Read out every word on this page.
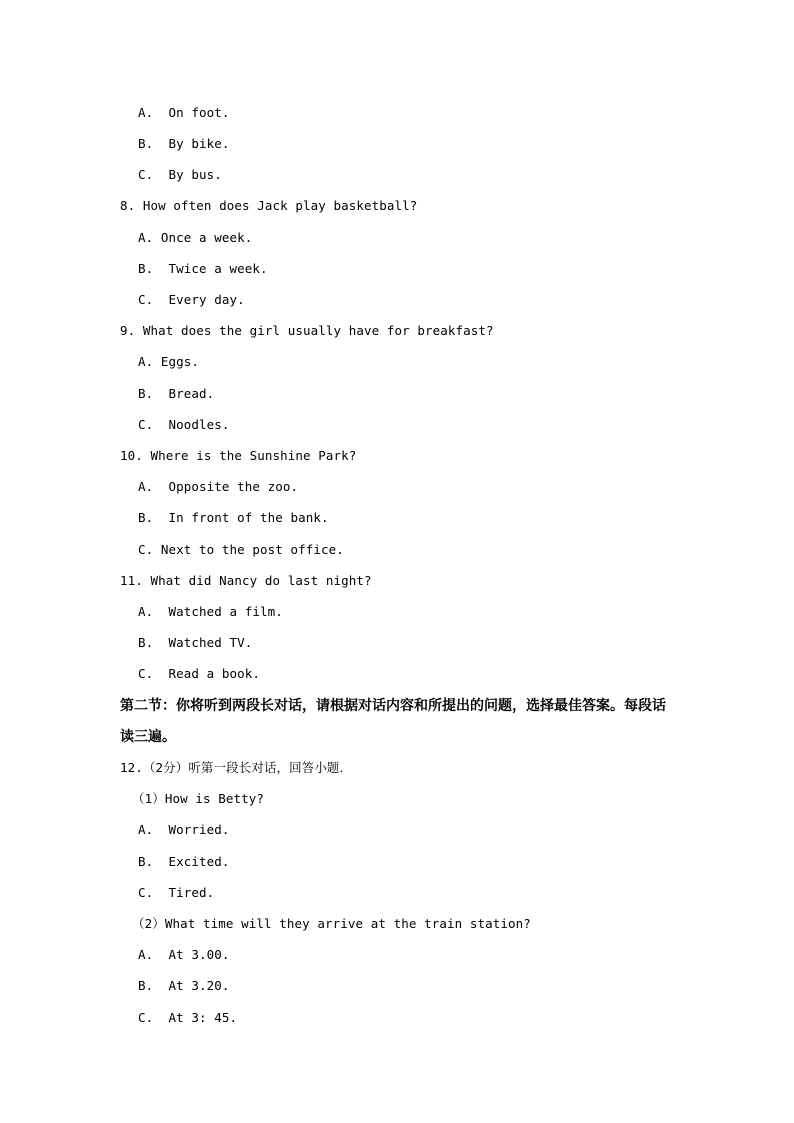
A.  On foot.
B.  By bike.
C.  By bus.
8. How often does Jack play basketball?
A. Once a week.
B.  Twice a week.
C.  Every day.
9. What does the girl usually have for breakfast?
A. Eggs.
B.  Bread.
C.  Noodles.
10. Where is the Sunshine Park?
A.  Opposite the zoo.
B.  In front of the bank.
C. Next to the post office.
11. What did Nancy do last night?
A.  Watched a film.
B.  Watched TV.
C.  Read a book.
第二节：你将听到两段长对话，请根据对话内容和所提出的问题，选择最佳答案。每段话
读三遍。
12.（2分）听第一段长对话，回答小题．
（1）How is Betty?
A.  Worried.
B.  Excited.
C.  Tired.
（2）What time will they arrive at the train station?
A.  At 3.00.
B.  At 3.20.
C.  At 3: 45.
